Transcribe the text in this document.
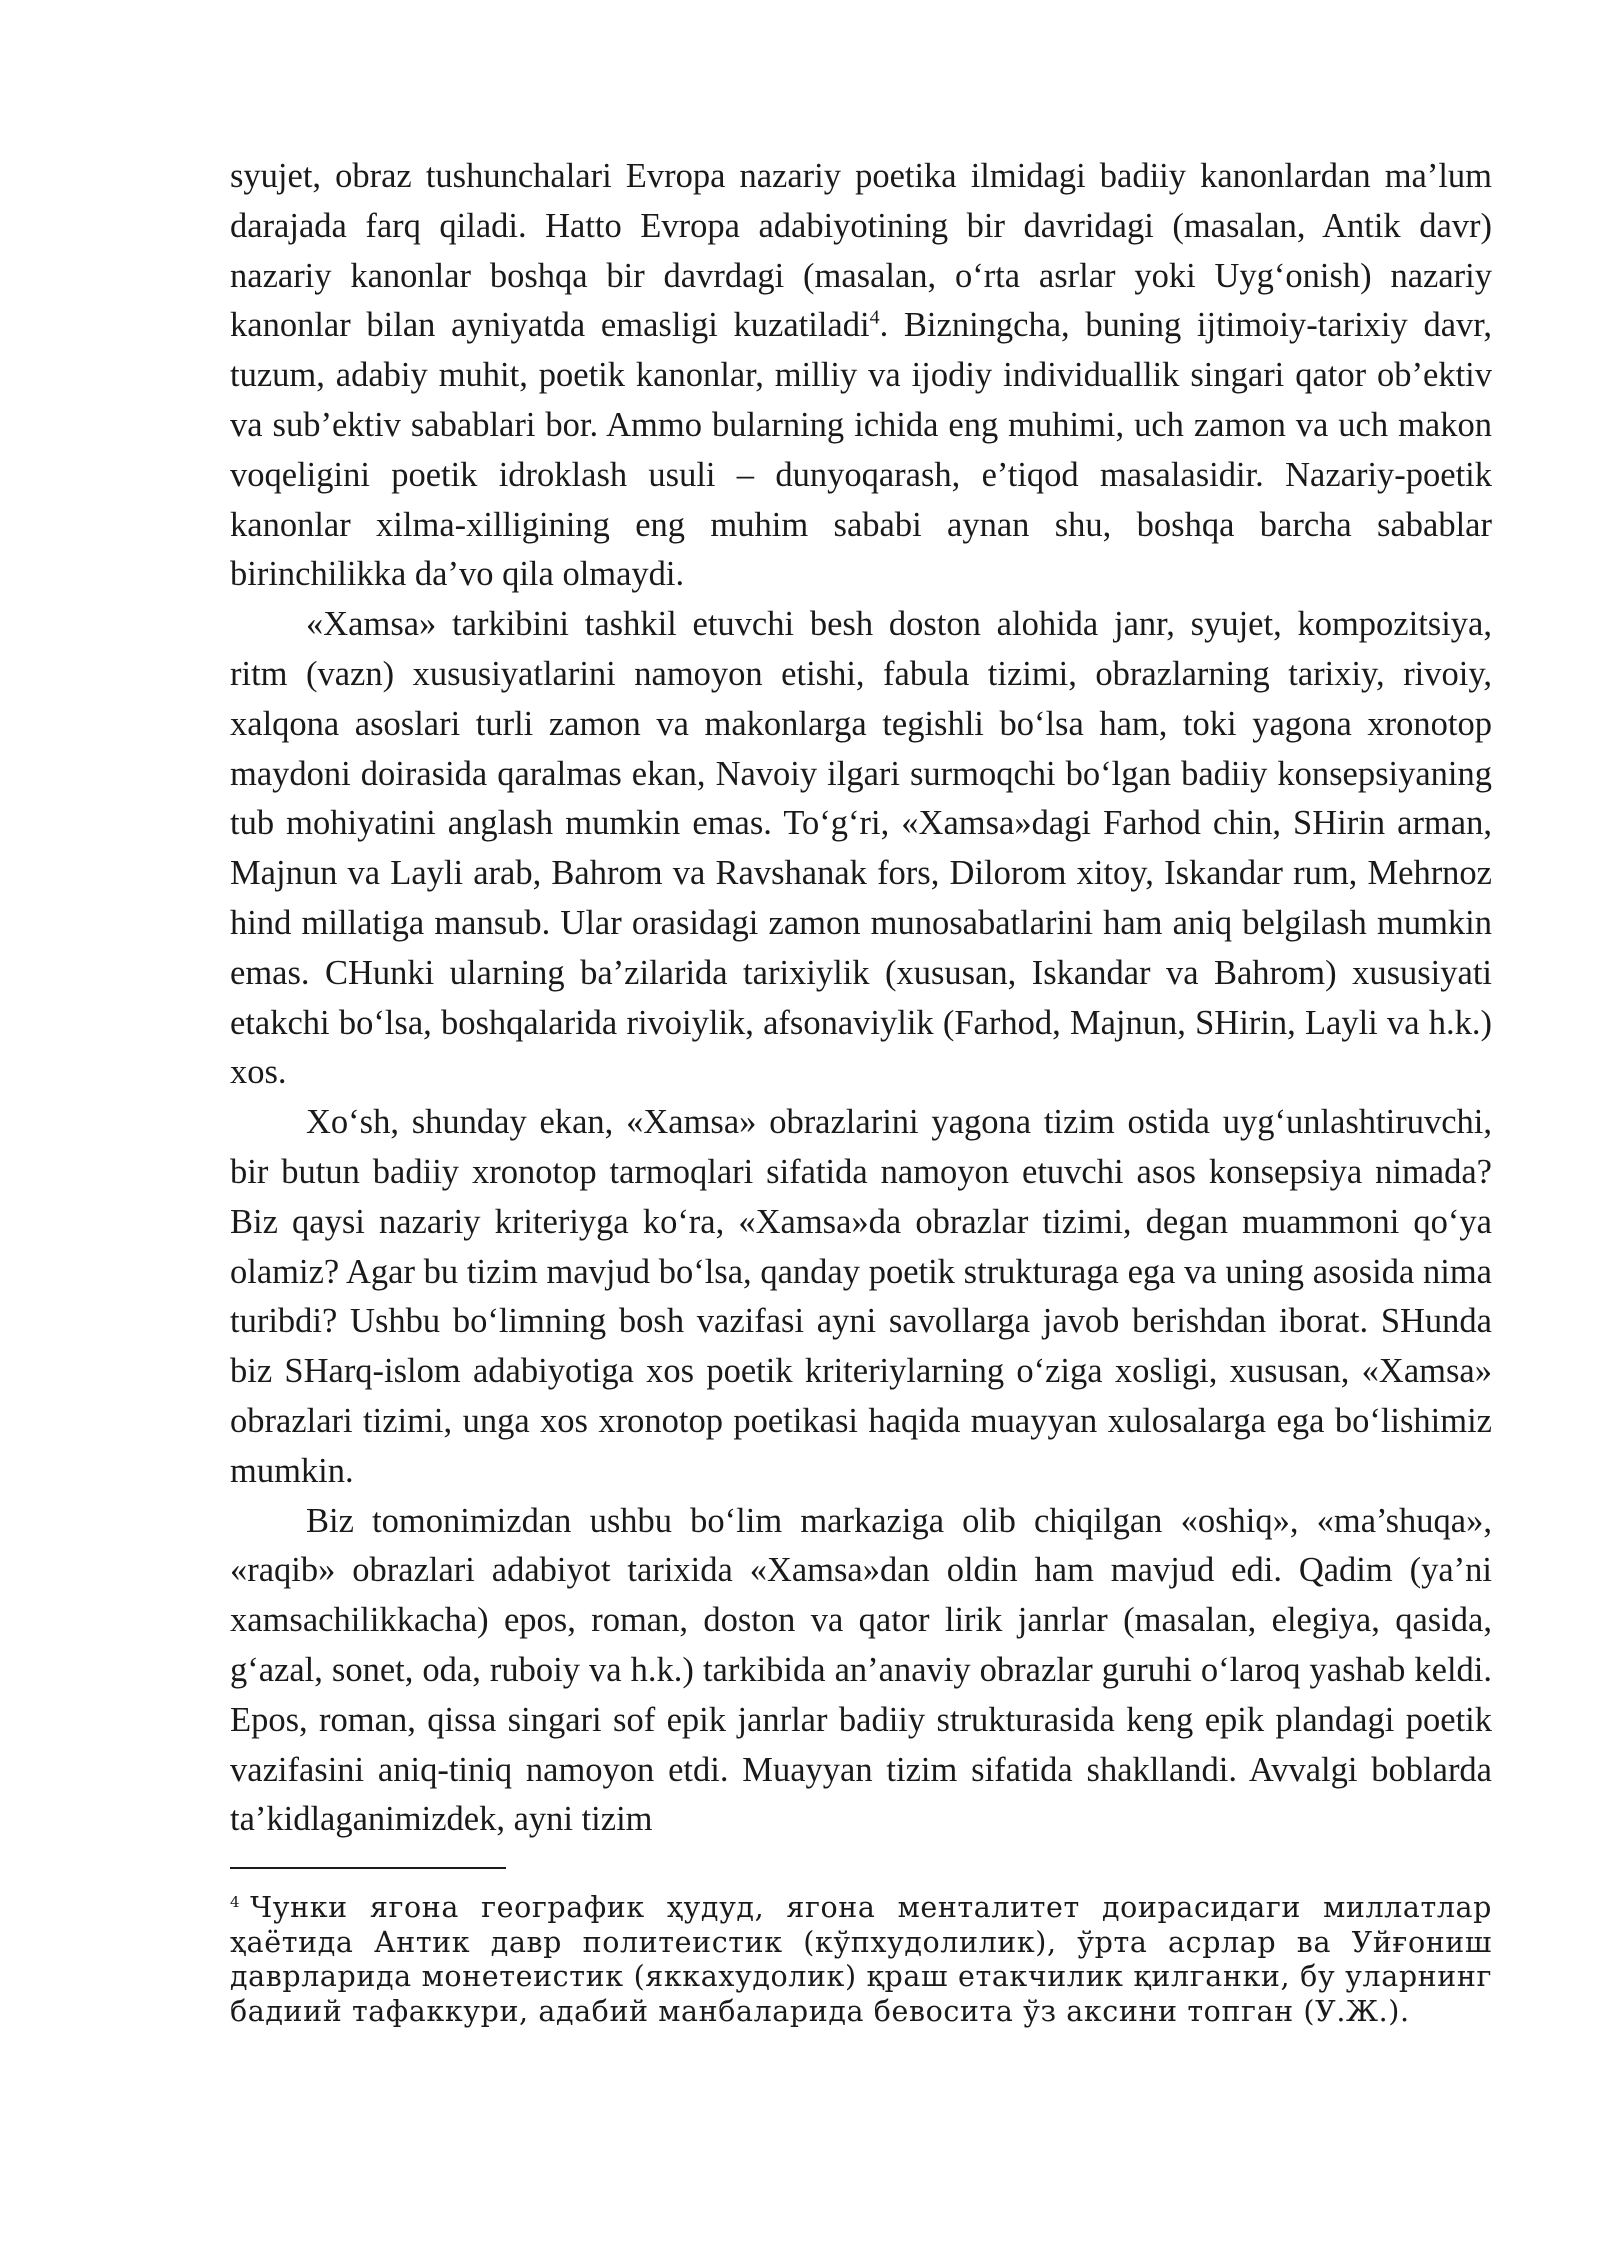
syujet, obraz tushunchalari Evropa nazariy poetika ilmidagi badiiy kanonlardan ma’lum darajada farq qiladi. Hatto Evropa adabiyotining bir davridagi (masalan, Antik davr) nazariy kanonlar boshqa bir davrdagi (masalan, o‘rta asrlar yoki Uyg‘onish) nazariy kanonlar bilan ayniyatda emasligi kuzatiladi$^4$. Bizningcha, buning ijtimoiy-tarixiy davr, tuzum, adabiy muhit, poetik kanonlar, milliy va ijodiy individuallik singari qator ob’ektiv va sub’ektiv sabablari bor. Ammo bularning ichida eng muhimi, uch zamon va uch makon voqeligini poetik idroklash usuli – dunyoqarash, e’tiqod masalasidir. Nazariy-poetik kanonlar xilma-xilligining eng muhim sababi aynan shu, boshqa barcha sabablar birinchilikka da’vo qila olmaydi.

«Xamsa» tarkibini tashkil etuvchi besh doston alohida janr, syujet, kompozitsiya, ritm (vazn) xususiyatlarini namoyon etishi, fabula tizimi, obrazlarning tarixiy, rivoiy, xalqona asoslari turli zamon va makonlarga tegishli bo‘lsa ham, toki yagona xronotop maydoni doirasida qaralmas ekan, Navoiy ilgari surmoqchi bo‘lgan badiiy konsepsiyaning tub mohiyatini anglash mumkin emas. To‘g‘ri, «Xamsa»dagi Farhod chin, SHirin arman, Majnun va Layli arab, Bahrom va Ravshanak fors, Dilorom xitoy, Iskandar rum, Mehrnoz hind millatiga mansub. Ular orasidagi zamon munosabatlarini ham aniq belgilash mumkin emas. CHunki ularning ba’zilarida tarixiylik (xususan, Iskandar va Bahrom) xususiyati etakchi bo‘lsa, boshqalarida rivoiylik, afsonaviylik (Farhod, Majnun, SHirin, Layli va h.k.) xos.

Xo‘sh, shunday ekan, «Xamsa» obrazlarini yagona tizim ostida uyg‘unlashtiruvchi, bir butun badiiy xronotop tarmoqlari sifatida namoyon etuvchi asos konsepsiya nimada? Biz qaysi nazariy kriteriyga ko‘ra, «Xamsa»da obrazlar tizimi, degan muammoni qo‘ya olamiz? Agar bu tizim mavjud bo‘lsa, qanday poetik strukturaga ega va uning asosida nima turibdi? Ushbu bo‘limning bosh vazifasi ayni savollarga javob berishdan iborat. SHunda biz SHarq-islom adabiyotiga xos poetik kriteriylarning o‘ziga xosligi, xususan, «Xamsa» obrazlari tizimi, unga xos xronotop poetikasi haqida muayyan xulosalarga ega bo‘lishimiz mumkin.

Biz tomonimizdan ushbu bo‘lim markaziga olib chiqilgan «oshiq», «ma’shuqa», «raqib» obrazlari adabiyot tarixida «Xamsa»dan oldin ham mavjud edi. Qadim (ya’ni xamsachilikkacha) epos, roman, doston va qator lirik janrlar (masalan, elegiya, qasida, g‘azal, sonet, oda, ruboiy va h.k.) tarkibida an’anaviy obrazlar guruhi o‘laroq yashab keldi. Epos, roman, qissa singari sof epik janrlar badiiy strukturasida keng epik plandagi poetik vazifasini aniq-tiniq namoyon etdi. Muayyan tizim sifatida shakllandi. Avvalgi boblarda ta’kidlaganimizdek, ayni tizim

$^4$ Чунки ягона географик ҳудуд, ягона менталитет доирасидаги миллатлар ҳаётида Антик давр политеистик (кўпхудолилик), ўрта асрлар ва Уйғониш даврларида монетеистик (яккахудолик) қраш етакчилик қилганки, бу уларнинг бадиий тафаккури, адабий манбаларида бевосита ўз аксини топган (У.Ж.).
